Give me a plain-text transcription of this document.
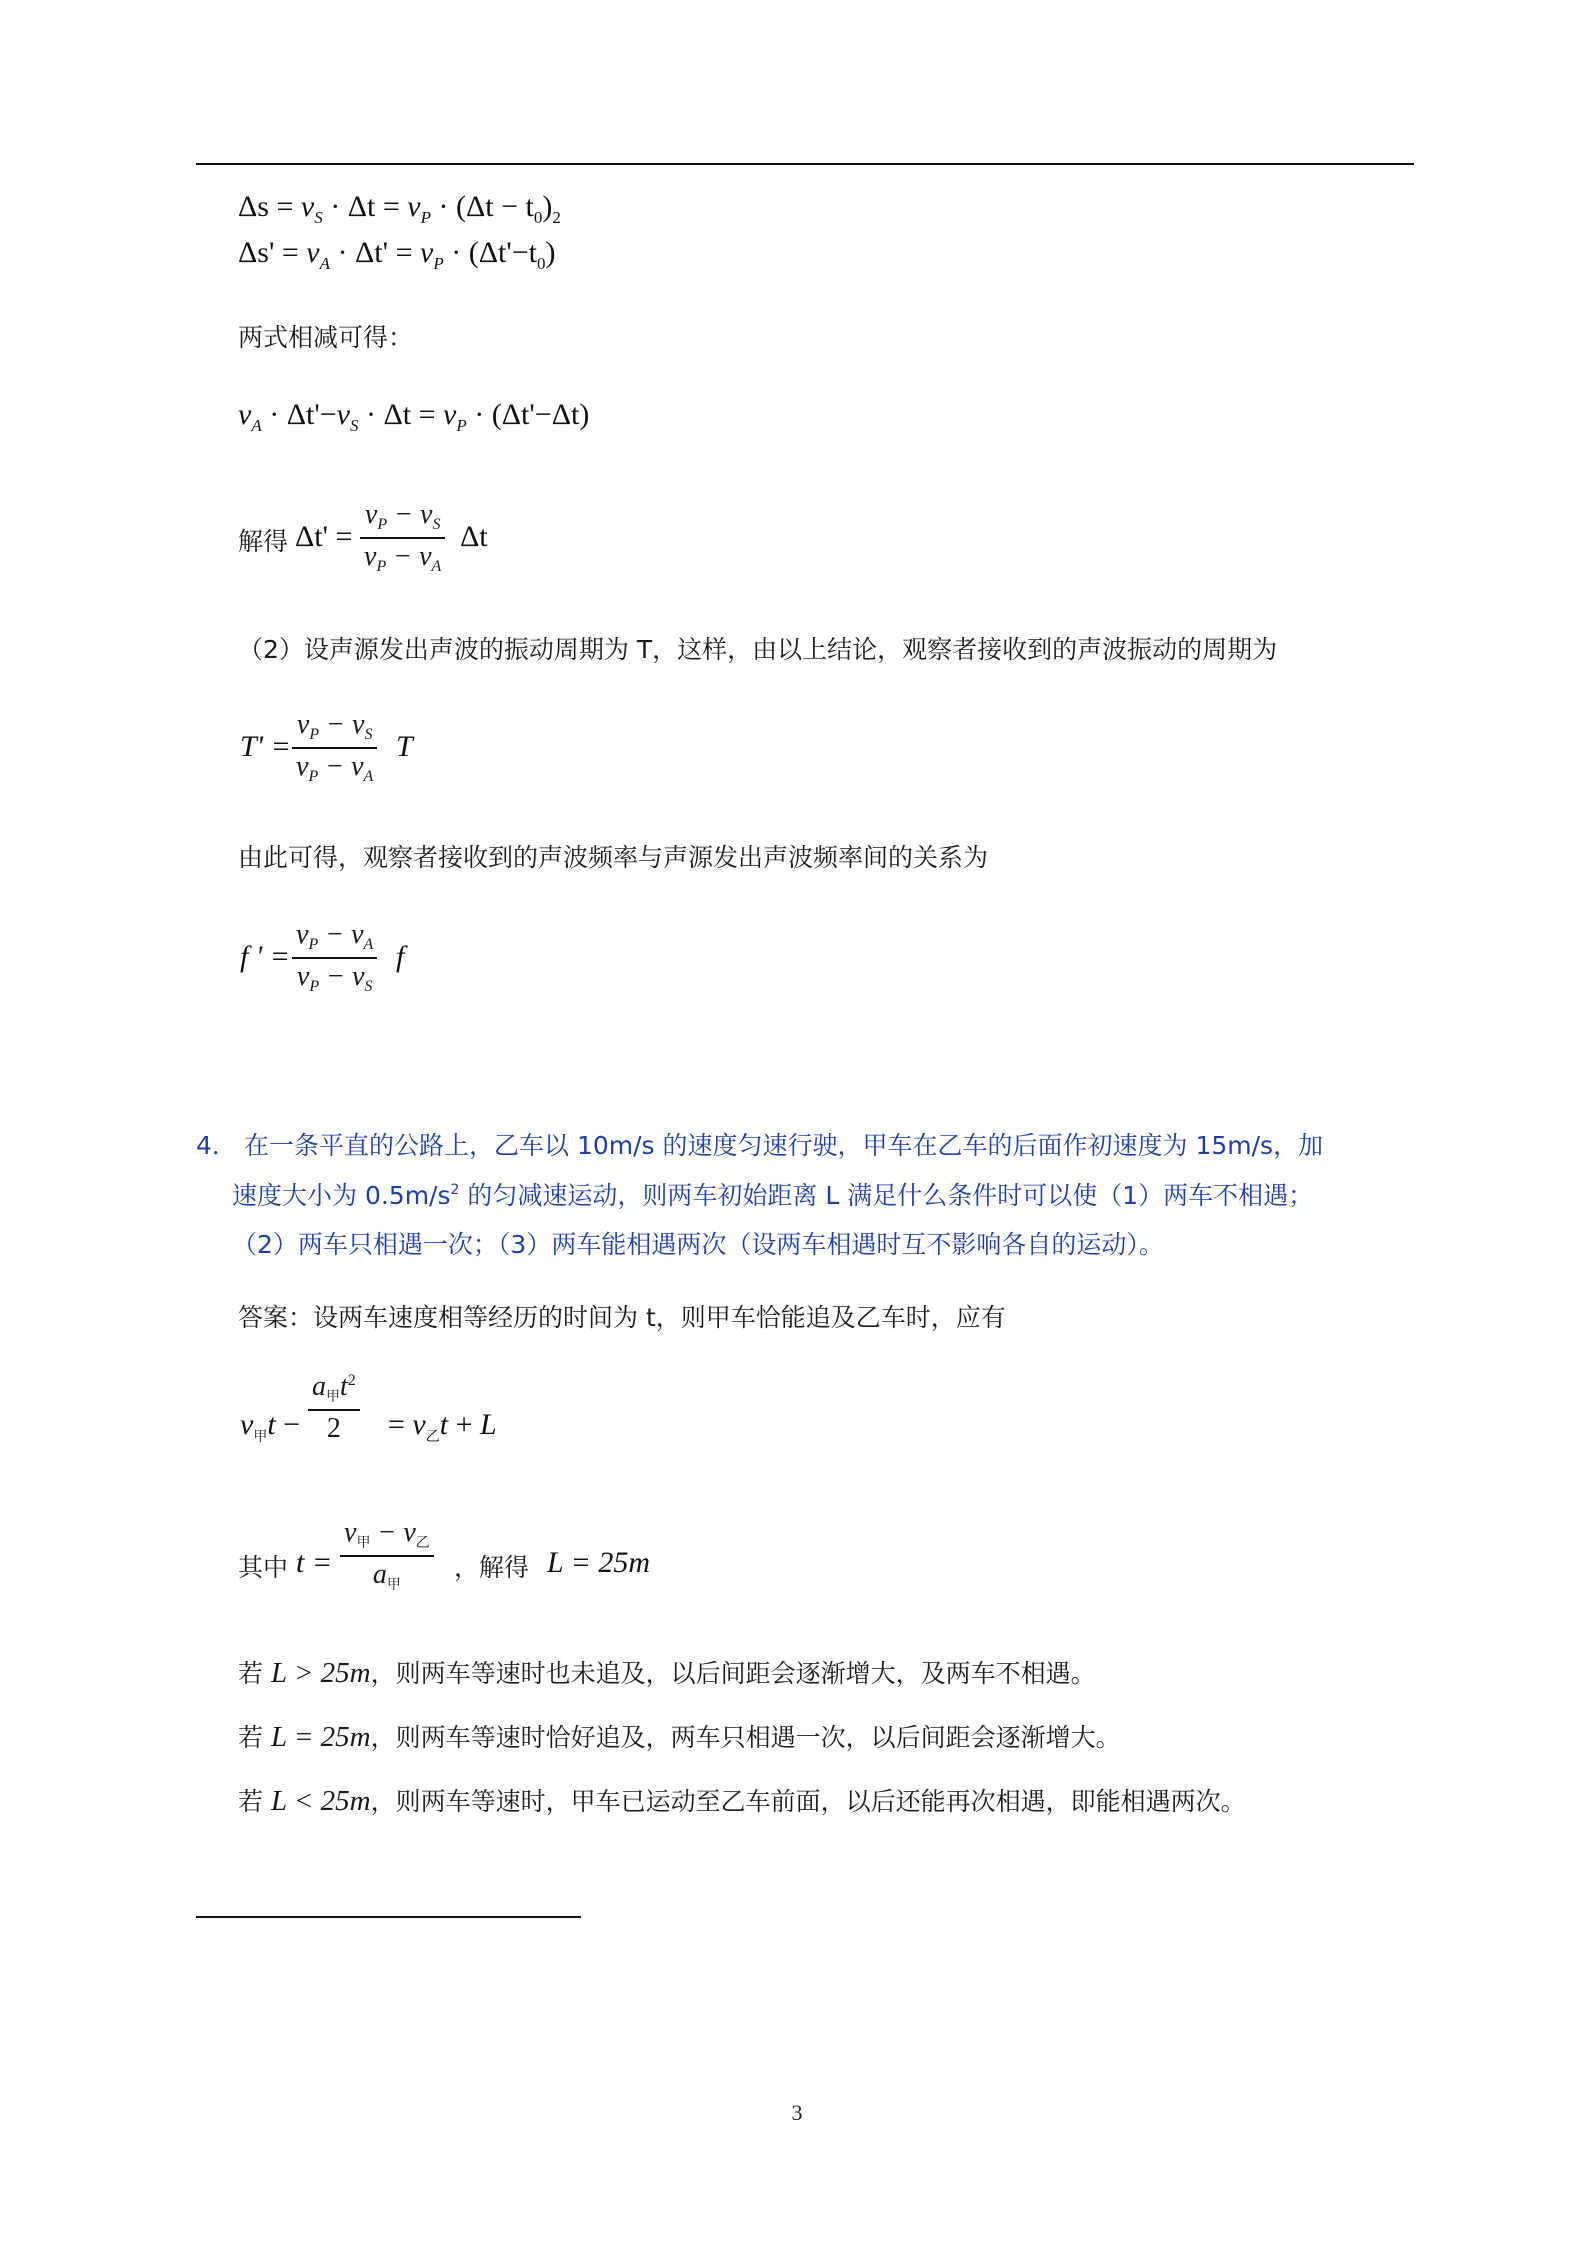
$\Delta s = v_S \cdot \Delta t = v_P \cdot (\Delta t - t_0)_2$
$\Delta s' = v_A \cdot \Delta t' = v_P \cdot (\Delta t'-t_0)$
两式相减可得：
$v_A \cdot \Delta t'-v_S \cdot \Delta t = v_P \cdot (\Delta t'-\Delta t)$
解得 $\Delta t' = \frac{v_P - v_S}{v_P - v_A}$ Δt
（2）设声源发出声波的振动周期为 T，这样，由以上结论，观察者接收到的声波振动的周期为
$T' = \frac{v_P - v_S}{v_P - v_A}$ T
由此可得，观察者接收到的声波频率与声源发出声波频率间的关系为
f ' = $\frac{v_P - v_A}{v_P - v_S}$ f
4． 在一条平直的公路上，乙车以 10m/s 的速度匀速行驶，甲车在乙车的后面作初速度为 15m/s，加
速度大小为 $0.5m/s^2$ 的匀减速运动，则两车初始距离 L 满足什么条件时可以使（1）两车不相遇；
（2）两车只相遇一次；（3）两车能相遇两次（设两车相遇时互不影响各自的运动）。
答案：设两车速度相等经历的时间为 t，则甲车恰能追及乙车时，应有
$v_甲t$ −
$a_甲t^2$
2	= $v_乙t + L$
其中 t =
$v_甲 - v_乙$
$a_甲$
，解得 L = 25m
若 L > 25m，则两车等速时也未追及，以后间距会逐渐增大，及两车不相遇。
若 L = 25m，则两车等速时恰好追及，两车只相遇一次，以后间距会逐渐增大。
若 L < 25m，则两车等速时，甲车已运动至乙车前面，以后还能再次相遇，即能相遇两次。
3
